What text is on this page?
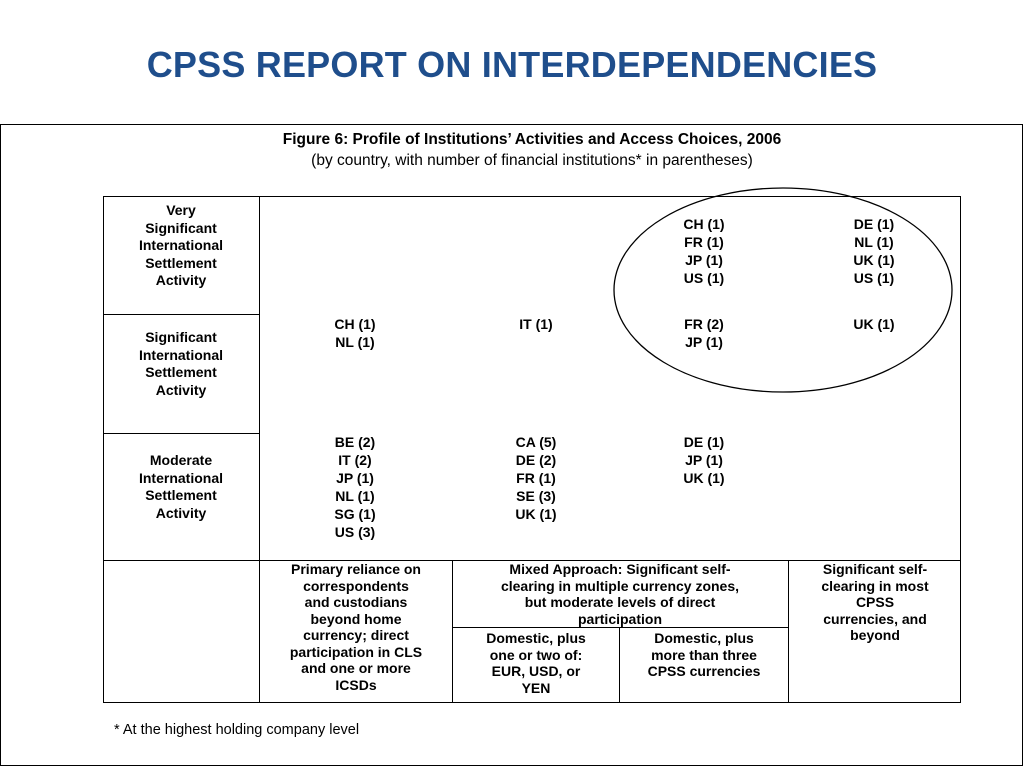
CPSS REPORT ON INTERDEPENDENCIES
Figure 6: Profile of Institutions’ Activities and Access Choices, 2006
(by country, with number of financial institutions* in parentheses)
Very
Significant
International
Settlement
Activity
Significant
International
Settlement
Activity
Moderate
International
Settlement
Activity
CH (1)
FR (1)
JP (1)
US (1)
DE (1)
NL (1)
UK (1)
US (1)
CH (1)
NL (1)
IT (1)	FR (2)
JP (1)
UK (1)
BE (2)
IT (2)
JP (1)
NL (1)
SG (1)
US (3)
CA (5)
DE (2)
FR (1)
SE (3)
UK (1)
DE (1)
JP (1)
UK (1)
Primary reliance on
correspondents
and custodians
beyond home
currency; direct
participation in CLS
and one or more
ICSDs
Mixed Approach: Significant self-
clearing in multiple currency zones,
but moderate levels of direct
participation
Domestic, plus
one or two of:
EUR, USD, or
YEN
Domestic, plus
more than three
CPSS currencies
Significant self-
clearing in most
CPSS
currencies, and
beyond
* At the highest holding company level
